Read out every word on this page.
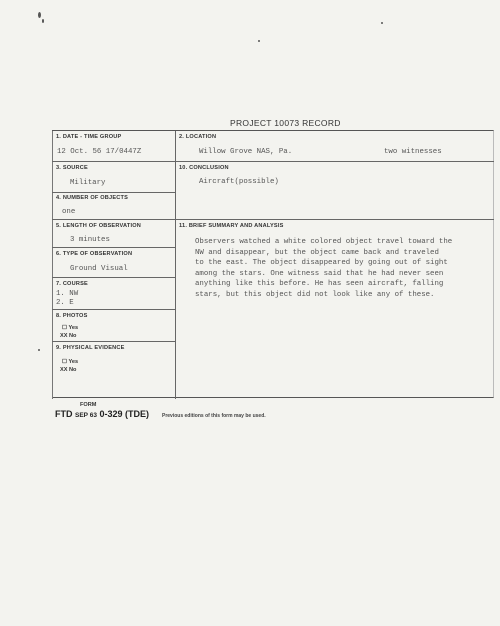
PROJECT 10073 RECORD
1. DATE - TIME GROUP
12 Oct. 56 17/0447Z
2. LOCATION
Willow Grove NAS, Pa.	two witnesses
3. SOURCE
Military
10. CONCLUSION
Aircraft(possible)
4. NUMBER OF OBJECTS
one
5. LENGTH OF OBSERVATION
3 minutes
11. BRIEF SUMMARY AND ANALYSIS
Observers watched a white colored object travel toward the
NW and disappear, but the object came back and traveled
to the east. The object disappeared by going out of sight
among the stars. One witness said that he had never seen
anything like this before. He has seen aircraft, falling
stars, but this object did not look like any of these.
6. TYPE OF OBSERVATION
Ground Visual
7. COURSE
1. NW
2. E
8. PHOTOS
☐ Yes
XX No
9. PHYSICAL EVIDENCE
☐ Yes
XX No
FORM
FTD SEP 63 0-329 (TDE)	Previous editions of this form may be used.
